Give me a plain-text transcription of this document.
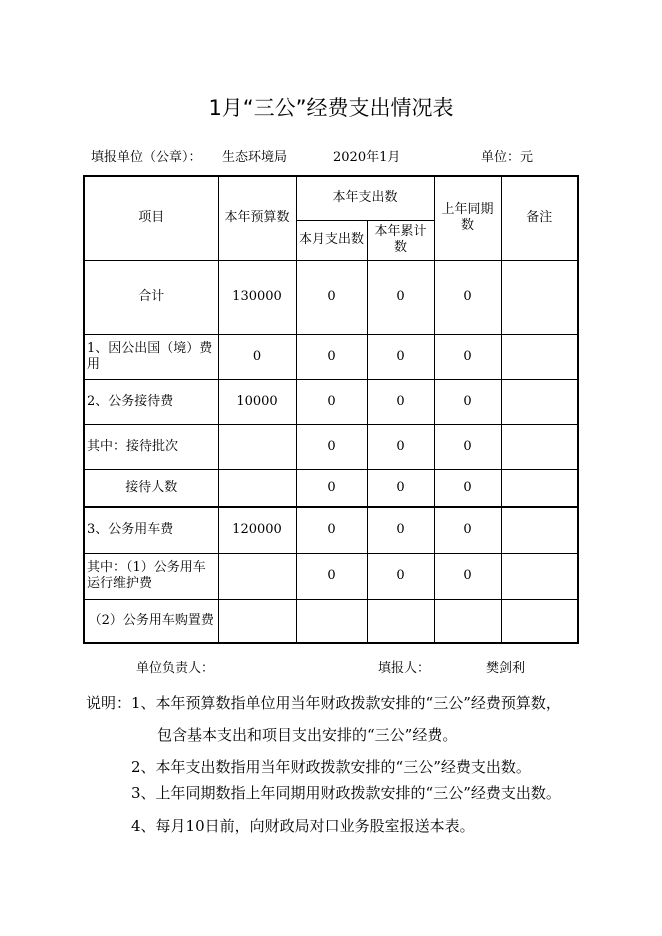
1月“三公”经费支出情况表
填报单位（公章）： 生态环境局	2020年1月	单位：元
项目	本年预算数	本年支出数		上年同期数	备注
		本月支出数	本年累计数		
合计	130000	0	0	0	
1、因公出国（境）费用	0	0	0	0	
2、公务接待费	10000	0	0	0	
其中：接待批次		0	0	0	
接待人数		0	0	0	
3、公务用车费	120000	0	0	0	
其中：（1）公务用车运行维护费		0	0	0	
（2）公务用车购置费					
单位负责人：	填报人：	樊剑利
说明：1、本年预算数指单位用当年财政拨款安排的“三公”经费预算数，
包含基本支出和项目支出安排的“三公”经费。
2、本年支出数指用当年财政拨款安排的“三公”经费支出数。
3、上年同期数指上年同期用财政拨款安排的“三公”经费支出数。
4、每月10日前，向财政局对口业务股室报送本表。
